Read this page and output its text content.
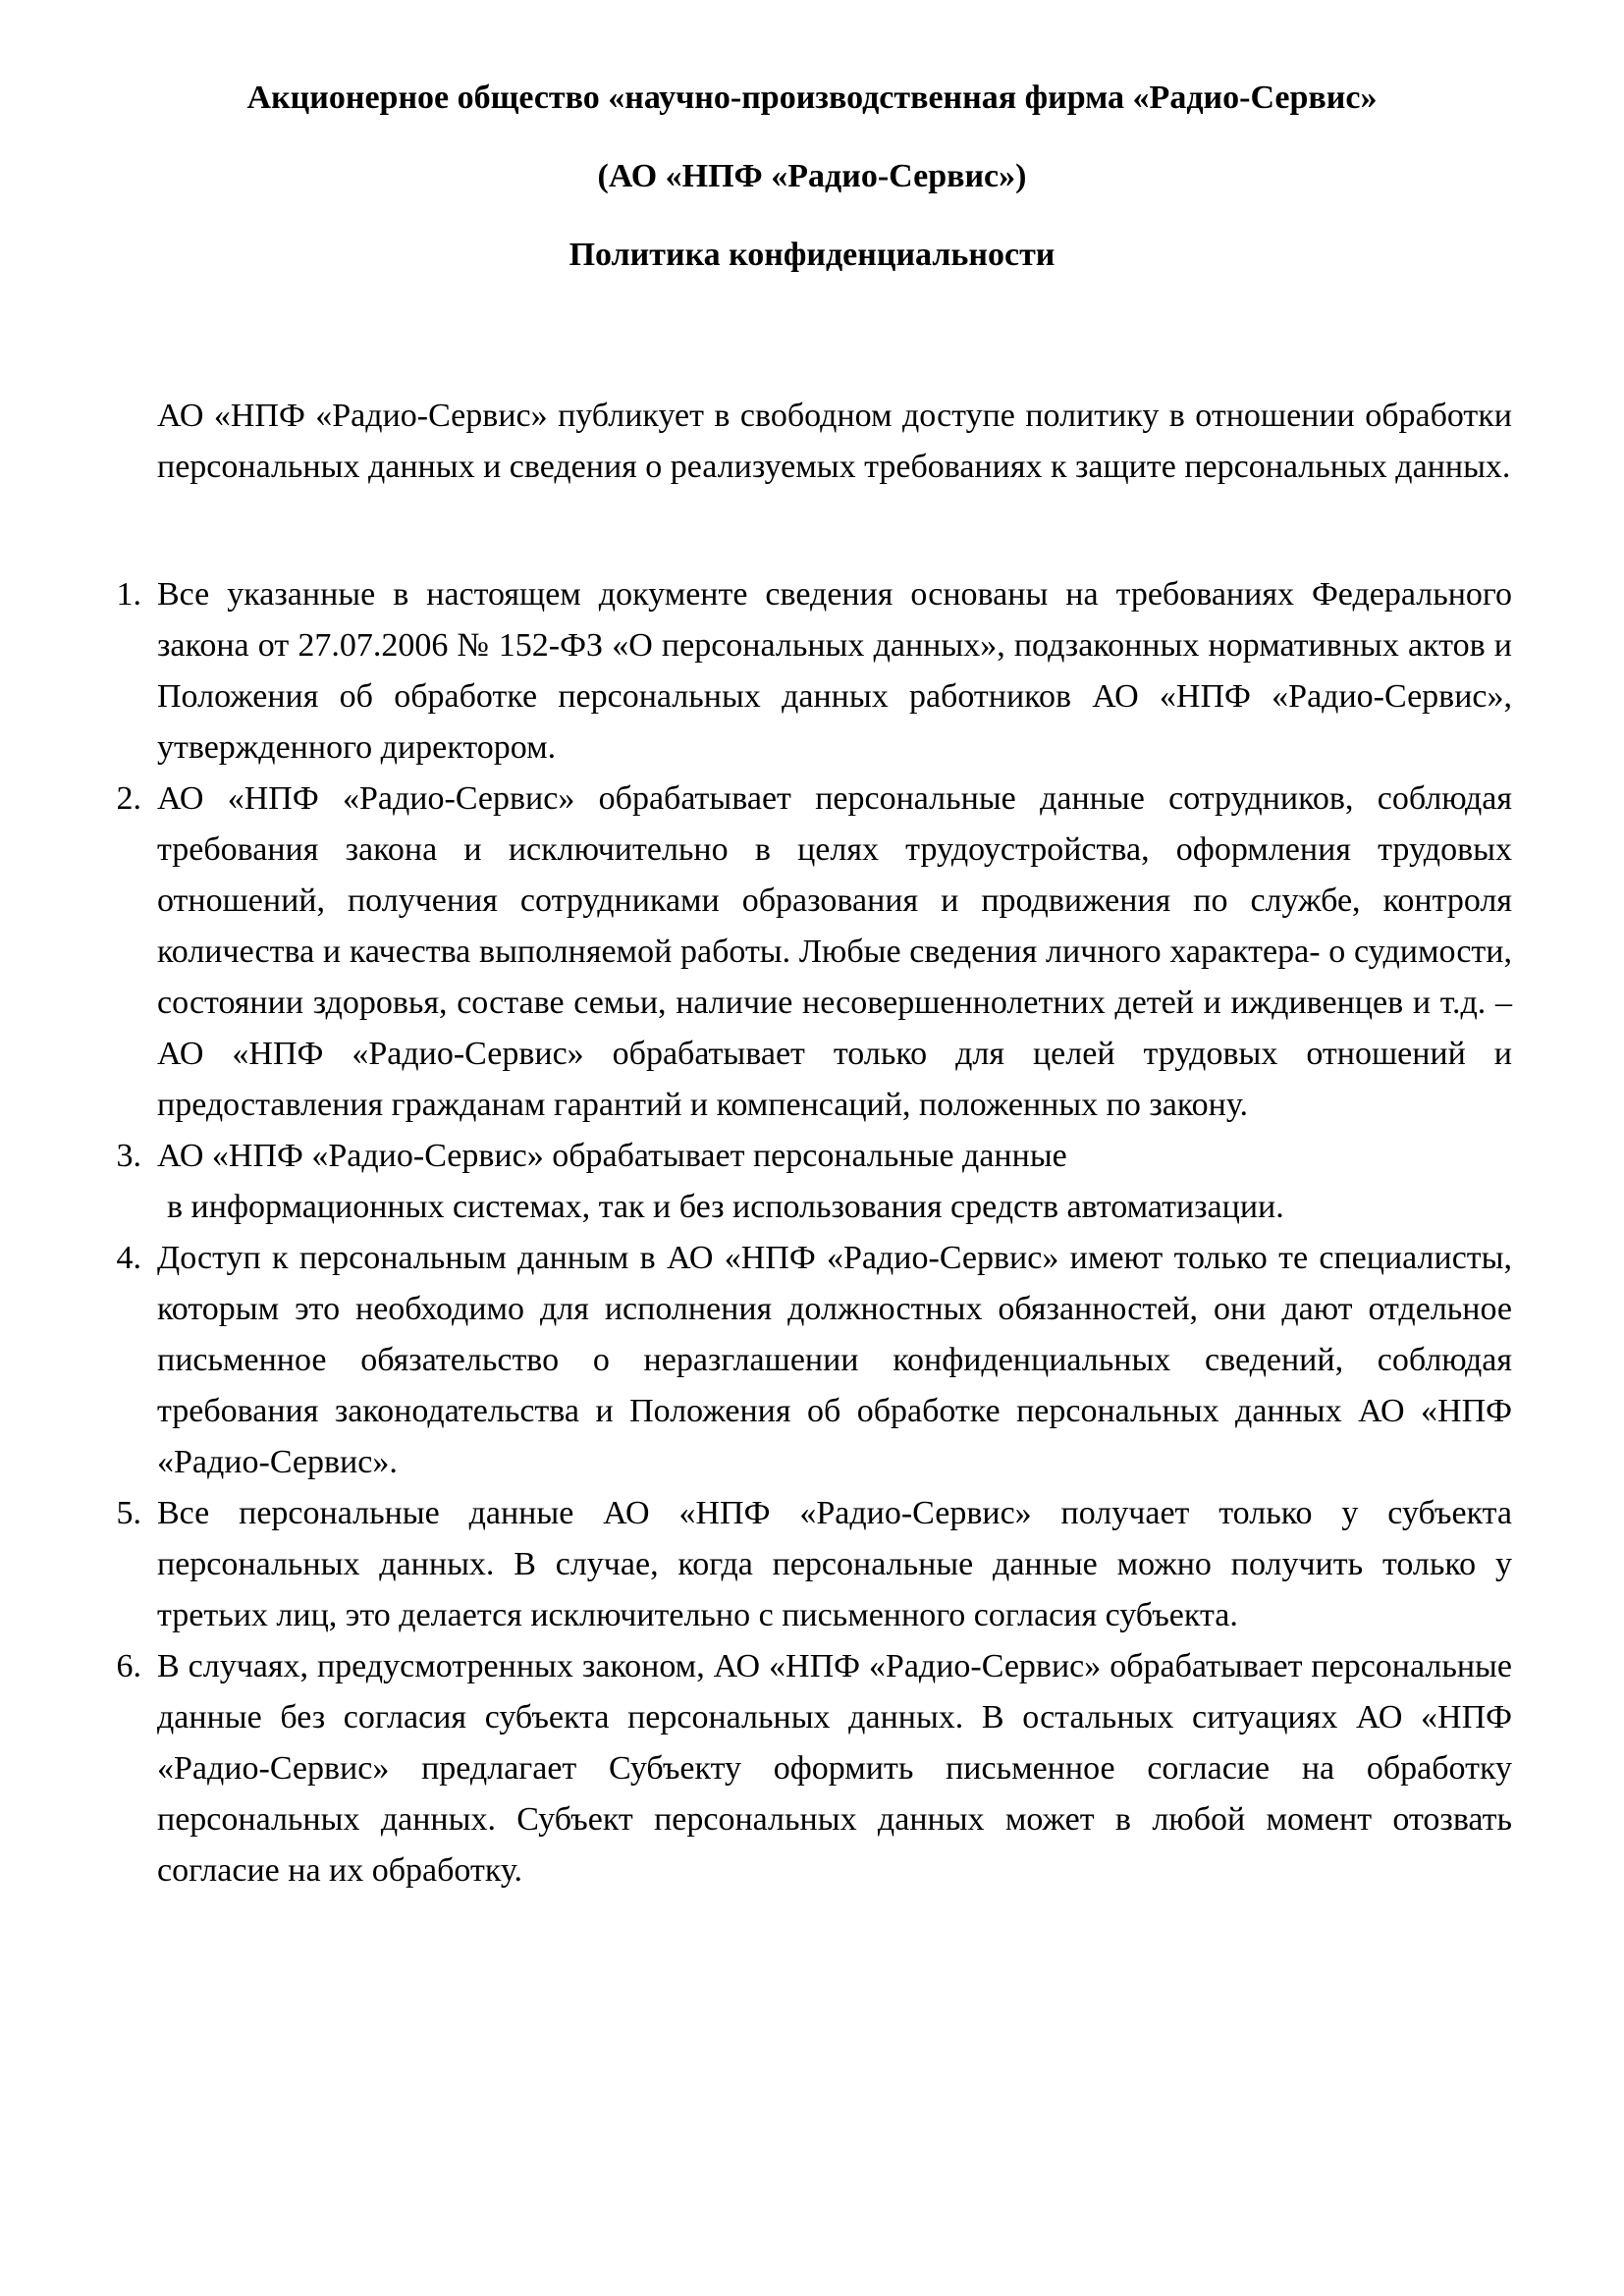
Акционерное общество «научно-производственная фирма «Радио-Сервис»
(АО «НПФ «Радио-Сервис»)
Политика конфиденциальности
АО «НПФ «Радио-Сервис» публикует в свободном доступе политику в отношении обработки персональных данных и сведения о реализуемых требованиях к защите персональных данных.
1. Все указанные в настоящем документе сведения основаны на требованиях Федерального закона от 27.07.2006 № 152-ФЗ «О персональных данных», подзаконных нормативных актов и Положения об обработке персональных данных работников АО «НПФ «Радио-Сервис», утвержденного директором.
2. АО «НПФ «Радио-Сервис» обрабатывает персональные данные сотрудников, соблюдая требования закона и исключительно в целях трудоустройства, оформления трудовых отношений, получения сотрудниками образования и продвижения по службе, контроля количества и качества выполняемой работы. Любые сведения личного характера- о судимости, состоянии здоровья, составе семьи, наличие несовершеннолетних детей и иждивенцев и т.д. – АО «НПФ «Радио-Сервис» обрабатывает только для целей трудовых отношений и предоставления гражданам гарантий и компенсаций, положенных по закону.
3. АО «НПФ «Радио-Сервис» обрабатывает персональные данные
в информационных системах, так и без использования средств автоматизации.
4. Доступ к персональным данным в АО «НПФ «Радио-Сервис» имеют только те специалисты, которым это необходимо для исполнения должностных обязанностей, они дают отдельное письменное обязательство о неразглашении конфиденциальных сведений, соблюдая требования законодательства и Положения об обработке персональных данных АО «НПФ «Радио-Сервис».
5. Все персональные данные АО «НПФ «Радио-Сервис» получает только у субъекта персональных данных. В случае, когда персональные данные можно получить только у третьих лиц, это делается исключительно с письменного согласия субъекта.
6. В случаях, предусмотренных законом, АО «НПФ «Радио-Сервис» обрабатывает персональные данные без согласия субъекта персональных данных. В остальных ситуациях АО «НПФ «Радио-Сервис» предлагает Субъекту оформить письменное согласие на обработку персональных данных. Субъект персональных данных может в любой момент отозвать согласие на их обработку.
